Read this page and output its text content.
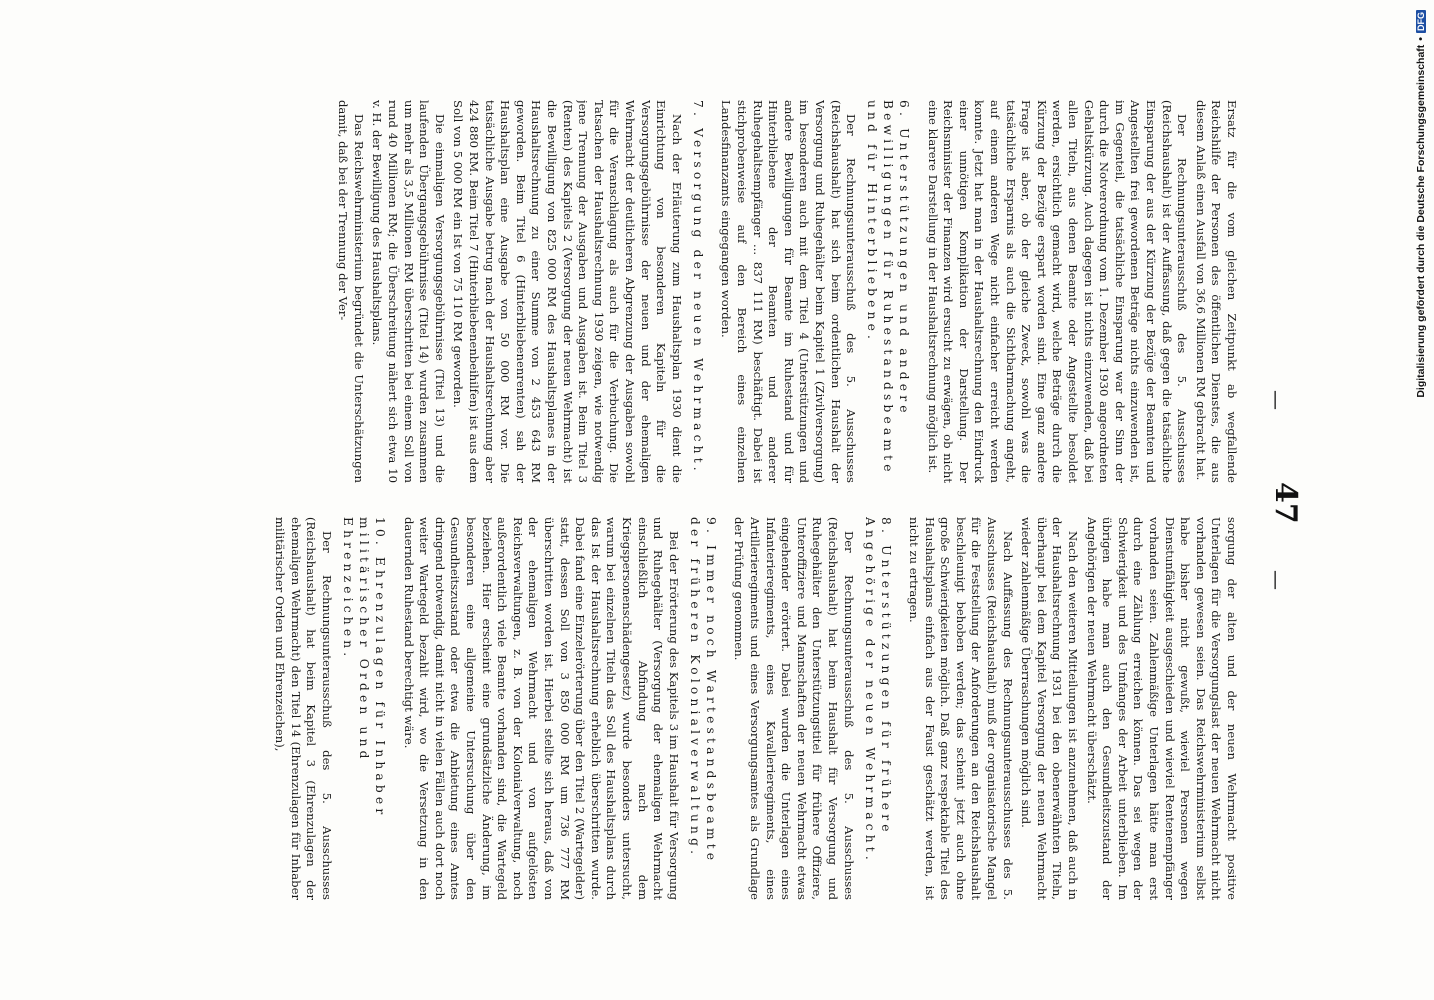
—
47
—

Ersatz für die vom gleichen Zeitpunkt ab wegfallende Reichshilfe der Personen des öffentlichen Dienstes, die aus diesem Anlaß einen Ausfall von 36,6 Millionen RM gebracht hat.

Der Rechnungsunterausschuß des 5. Ausschusses (Reichshaushalt) ist der Auffassung, daß gegen die tatsächliche Einsparung der aus der Kürzung der Bezüge der Beamten und Angestellten frei gewordenen Beträge nichts einzuwenden ist, im Gegenteil, die tatsächliche Einsparung war der Sinn der durch die Notverordnung vom 1. Dezember 1930 angeordneten Gehaltskürzung. Auch dagegen ist nichts einzuwenden, daß bei allen Titeln, aus denen Beamte oder Angestellte besoldet werden, ersichtlich gemacht wird, welche Beträge durch die Kürzung der Bezüge erspart worden sind. Eine ganz andere Frage ist aber, ob der gleiche Zweck, sowohl was die tatsächliche Ersparnis als auch die Sichtbarmachung angeht, auf einem anderen Wege nicht einfacher erreicht werden konnte. Jetzt hat man in der Haushaltsrechnung den Eindruck einer unnötigen Komplikation der Darstellung. Der Reichsminister der Finanzen wird ersucht zu erwägen, ob nicht eine klarere Darstellung in der Haushaltsrechnung möglich ist.

6. Unterstützungen und andere Bewilligungen für Ruhestandsbeamte und für Hinterbliebene.

Der Rechnungsunterausschuß des 5. Ausschusses (Reichshaushalt) hat sich beim ordentlichen Haushalt der Versorgung und Ruhegehälter beim Kapitel 1 (Zivilversorgung) im besonderen auch mit dem Titel 4 (Unterstützungen und andere Bewilligungen für Beamte im Ruhestand und für Hinterbliebene der Beamten und anderer Ruhegehaltsempfänger ... 837 111 RM) beschäftigt. Dabei ist stichprobenweise auf den Bereich eines einzelnen Landesfinanzamts eingegangen worden.

7. Versorgung der neuen Wehrmacht.

Nach der Erläuterung zum Haushaltsplan 1930 dient die Einrichtung von besonderen Kapiteln für die Versorgungsgebührnisse der neuen und der ehemaligen Wehrmacht der deutlicheren Abgrenzung der Ausgaben sowohl für die Veranschlagung als auch für die Verbuchung. Die Tatsachen der Haushaltsrechnung 1930 zeigen, wie notwendig jene Trennung der Ausgaben und Ausgaben ist. Beim Titel 3 (Renten) des Kapitels 2 (Versorgung der neuen Wehrmacht) ist die Bewilligung von 825 000 RM des Haushaltsplanes in der Haushaltsrechnung zu einer Summe von 2 453 643 RM geworden. Beim Titel 6 (Hinterbliebenenrenten) sah der Haushaltsplan eine Ausgabe von 50 000 RM vor. Die tatsächliche Ausgabe betrug nach der Haushaltsrechnung aber 424 880 RM. Beim Titel 7 (Hinterbliebenenbeihilfen) ist aus dem Soll von 5 000 RM ein Ist von 75 110 RM geworden.

Die einmaligen Versorgungsgebührnisse (Titel 13) und die laufenden Übergangsgebührnisse (Titel 14) wurden zusammen um mehr als 3,5 Millionen RM überschritten bei einem Soll von rund 40 Millionen RM; die Überschreitung nähert sich etwa 10 v. H. der Bewilligung des Haushaltsplans.

Das Reichswehrministerium begründet die Unterschätzungen damit, daß bei der Trennung der Ver-

sorgung der alten und der neuen Wehrmacht positive Unterlagen für die Versorgungslast der neuen Wehrmacht nicht vorhanden gewesen seien. Das Reichswehrministerium selbst habe bisher nicht gewußt, wieviel Personen wegen Dienstunfähigkeit ausgeschieden und wieviel Rentenempfänger vorhanden seien. Zahlenmäßige Unterlagen hätte man erst durch eine Zählung erreichen können. Das sei wegen der Schwierigkeit und des Umfanges der Arbeit unterblieben. Im übrigen habe man auch den Gesundheitszustand der Angehörigen der neuen Wehrmacht überschätzt.

Nach den weiteren Mitteilungen ist anzunehmen, daß auch in der Haushaltsrechnung 1931 bei den obenerwähnten Titeln, überhaupt bei dem Kapitel Versorgung der neuen Wehrmacht wieder zahlenmäßige Überraschungen möglich sind.

Nach Auffassung des Rechnungsunterausschusses des 5. Ausschusses (Reichshaushalt) muß der organisatorische Mangel für die Feststellung der Anforderungen an den Reichshaushalt beschleunigt behoben werden; das scheint jetzt auch ohne große Schwierigkeiten möglich. Daß ganz respektable Titel des Haushaltsplans einfach aus der Faust geschätzt werden, ist nicht zu ertragen.

8. Unterstützungen für frühere Angehörige der neuen Wehrmacht.

Der Rechnungsunterausschuß des 5. Ausschusses (Reichshaushalt) hat beim Haushalt für Versorgung und Ruhegehälter den Unterstützungstitel für frühere Offiziere, Unteroffiziere und Mannschaften der neuen Wehrmacht etwas eingehender erörtert. Dabei wurden die Unterlagen eines Infanterieregiments, eines Kavallerieregiments, eines Artillerieregiments und eines Versorgungsamtes als Grundlage der Prüfung genommen.

9. Immer noch Wartestandsbeamte der früheren Kolonialverwaltung.

Bei der Erörterung des Kapitels 3 im Haushalt für Versorgung und Ruhegehälter (Versorgung der ehemaligen Wehrmacht einschließlich Abfindung nach dem Kriegspersonenschädengesetz) wurde besonders untersucht, warum bei einzelnen Titeln das Soll des Haushaltsplans durch das Ist der Haushaltsrechnung erheblich überschritten wurde. Dabei fand eine Einzelerörterung über den Titel 2 (Wartegelder) statt, dessen Soll von 3 850 000 RM um 736 777 RM überschritten worden ist. Hierbei stellte sich heraus, daß von der ehemaligen Wehrmacht und von aufgelösten Reichsverwaltungen, z. B. von der Kolonialverwaltung, noch außerordentlich viele Beamte vorhanden sind, die Wartegeld beziehen. Hier erscheint eine grundsätzliche Änderung, im besonderen eine allgemeine Untersuchung über den Gesundheitszustand oder etwa die Anbietung eines Amtes dringend notwendig, damit nicht in vielen Fällen auch dort noch weiter Wartegeld bezahlt wird, wo die Versetzung in den dauernden Ruhestand berechtigt wäre.

10. Ehrenzulagen für Inhaber militärischer Orden und Ehrenzeichen.

Der Rechnungsunterausschuß des 5. Ausschusses (Reichshaushalt) hat beim Kapitel 3 (Ehrenzulagen der ehemaligen Wehrmacht) den Titel 14 (Ehrenzulagen für Inhaber militärischer Orden und Ehrenzeichen),

Digitalisierung gefördert durch die Deutsche Forschungsgemeinschaft
•
DFG
